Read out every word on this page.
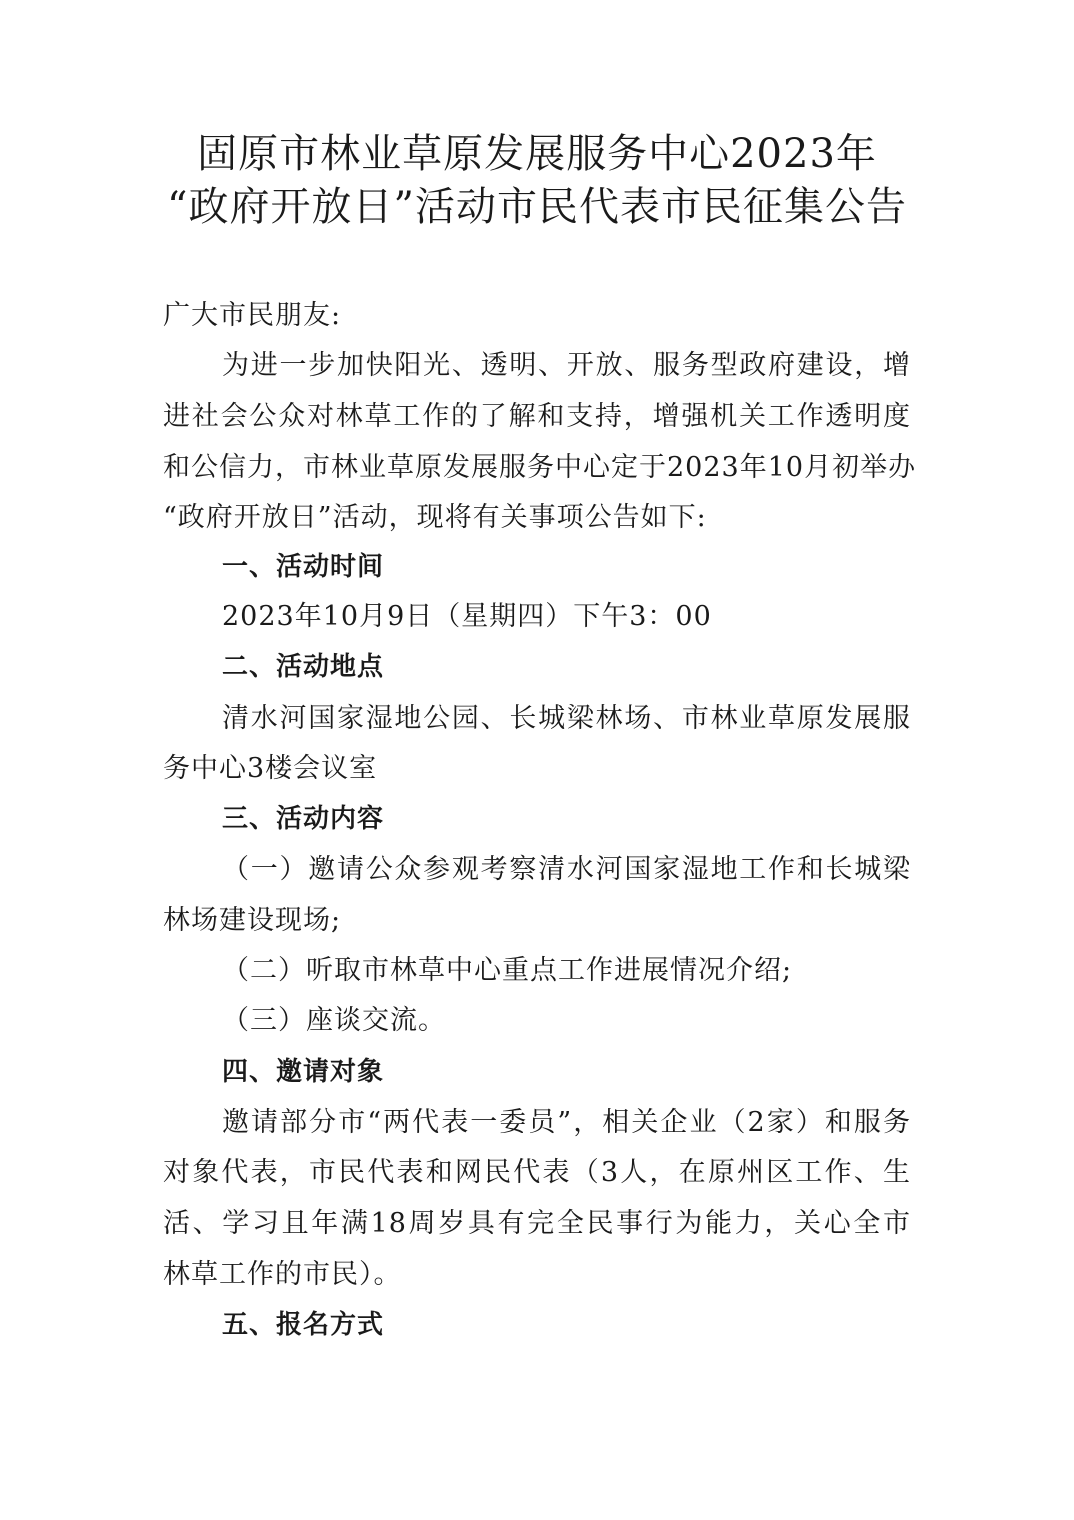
固原市林业草原发展服务中心2023年
“政府开放日”活动市民代表市民征集公告
广大市民朋友:
为进一步加快阳光、透明、开放、服务型政府建设，增
进社会公众对林草工作的了解和支持，增强机关工作透明度
和公信力，市林业草原发展服务中心定于2023年10月初举办
“政府开放日”活动，现将有关事项公告如下:
一、活动时间
2023年10月9日（星期四）下午3：00
二、活动地点
清水河国家湿地公园、长城梁林场、市林业草原发展服
务中心3楼会议室
三、活动内容
（一）邀请公众参观考察清水河国家湿地工作和长城梁
林场建设现场;
（二）听取市林草中心重点工作进展情况介绍;
（三）座谈交流。
四、邀请对象
邀请部分市“两代表一委员”，相关企业（2家）和服务
对象代表，市民代表和网民代表（3人，在原州区工作、生
活、学习且年满18周岁具有完全民事行为能力，关心全市
林草工作的市民）。
五、报名方式
